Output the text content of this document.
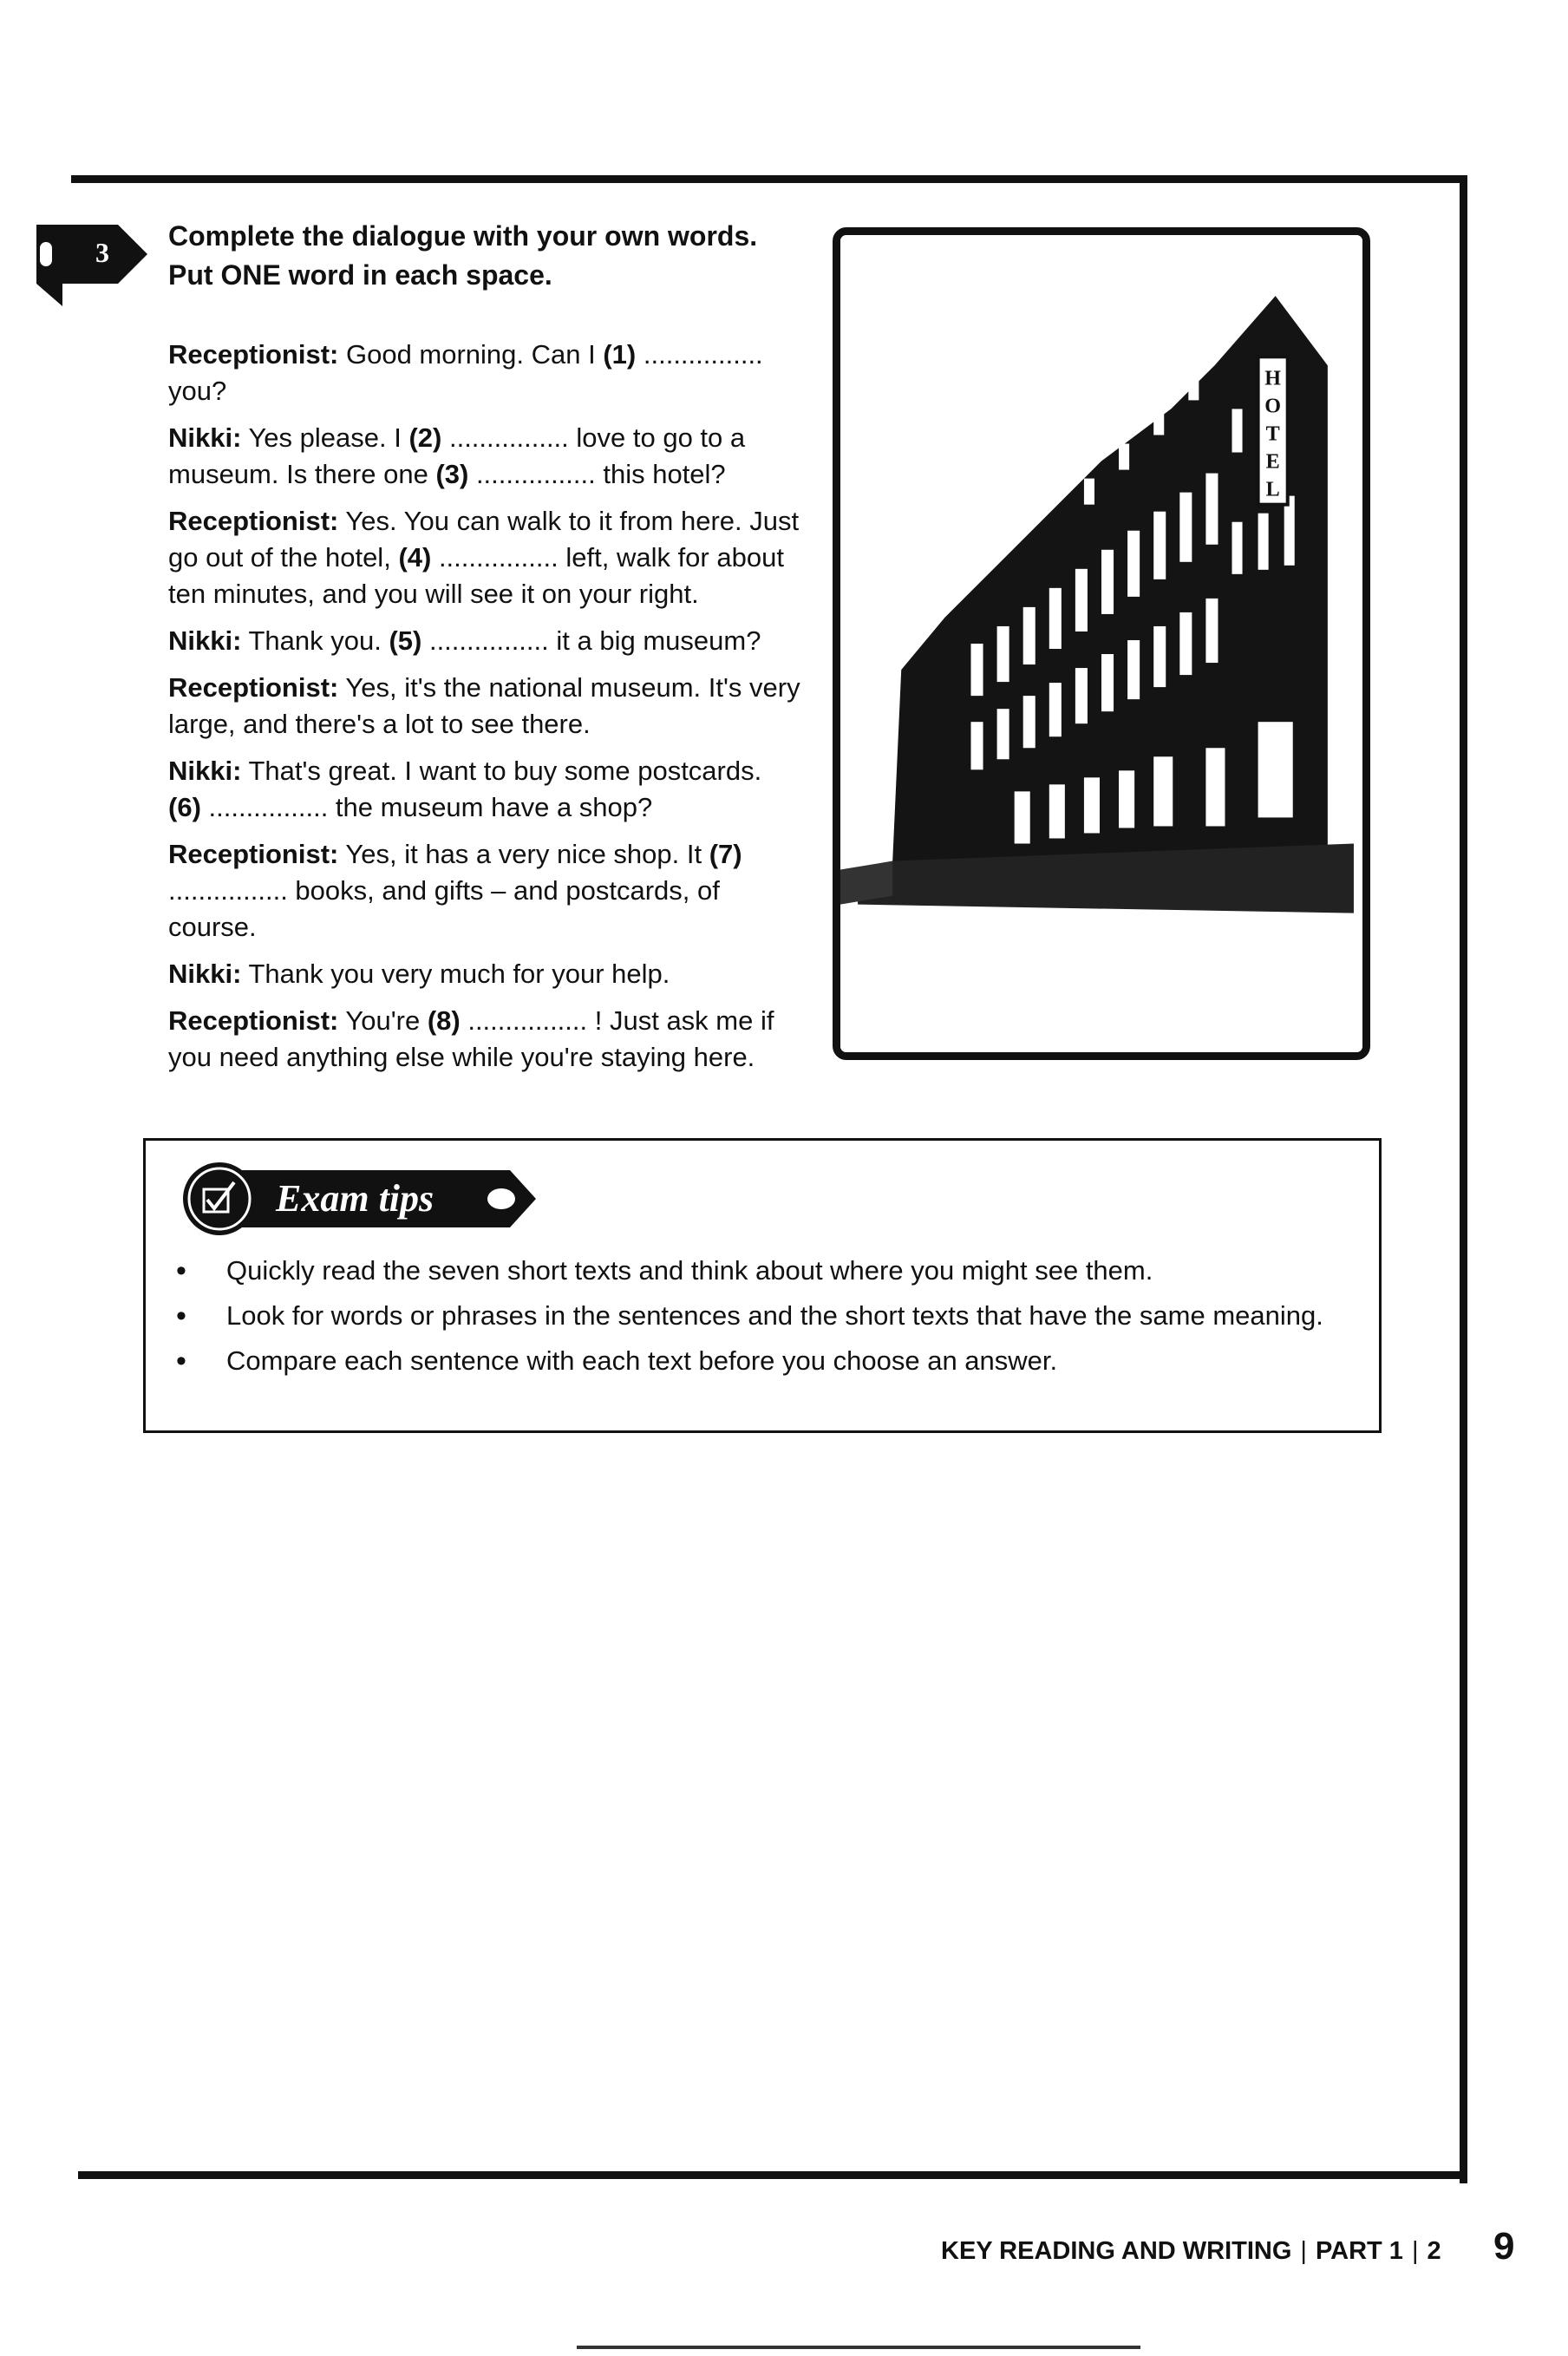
3

Complete the dialogue with your own words.

Put ONE word in each space.

Receptionist: Good morning. Can I (1) ................ you?

Nikki: Yes please. I (2) ................ love to go to a museum. Is there one (3) ................ this hotel?

Receptionist: Yes. You can walk to it from here. Just go out of the hotel, (4) ................ left, walk for about ten minutes, and you will see it on your right.

Nikki: Thank you. (5) ................ it a big museum?

Receptionist: Yes, it's the national museum. It's very large, and there's a lot to see there.

Nikki: That's great. I want to buy some postcards. (6) ................ the museum have a shop?

Receptionist: Yes, it has a very nice shop. It (7) ................ books, and gifts – and postcards, of course.

Nikki: Thank you very much for your help.

Receptionist: You're (8) ................ ! Just ask me if you need anything else while you're staying here.

H
O
T
E
L
Exam tips
• Quickly read the seven short texts and think about where you might see them.
• Look for words or phrases in the sentences and the short texts that have the same meaning.
• Compare each sentence with each text before you choose an answer.
KEY READING AND WRITING | PART 1 | 2 9
